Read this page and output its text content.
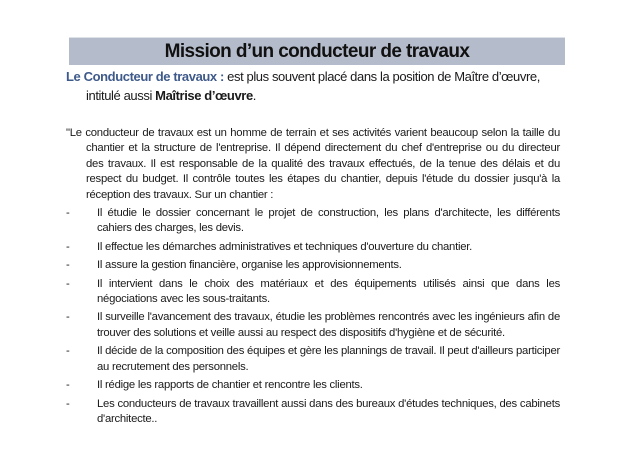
Mission d’un conducteur de travaux
Le Conducteur de travaux : est plus souvent placé dans la position de Maître d’œuvre,
intitulé aussi Maîtrise d’œuvre.

"Le conducteur de travaux est un homme de terrain et ses activités varient beaucoup selon la taille du chantier et la structure de l'entreprise. Il dépend directement du chef d'entreprise ou du directeur des travaux. Il est responsable de la qualité des travaux effectués, de la tenue des délais et du respect du budget. Il contrôle toutes les étapes du chantier, depuis l'étude du dossier jusqu'à la réception des travaux. Sur un chantier :

-	Il étudie le dossier concernant le projet de construction, les plans d'architecte, les différents cahiers des charges, les devis.
-	Il effectue les démarches administratives et techniques d'ouverture du chantier.
-	Il assure la gestion financière, organise les approvisionnements.
-	Il intervient dans le choix des matériaux et des équipements utilisés ainsi que dans les négociations avec les sous-traitants.
-	Il surveille l'avancement des travaux, étudie les problèmes rencontrés avec les ingénieurs afin de trouver des solutions et veille aussi au respect des dispositifs d'hygiène et de sécurité.
-	Il décide de la composition des équipes et gère les plannings de travail. Il peut d'ailleurs participer au recrutement des personnels.
-	Il rédige les rapports de chantier et rencontre les clients.
-	Les conducteurs de travaux travaillent aussi dans des bureaux d'études techniques, des cabinets d'architecte..
